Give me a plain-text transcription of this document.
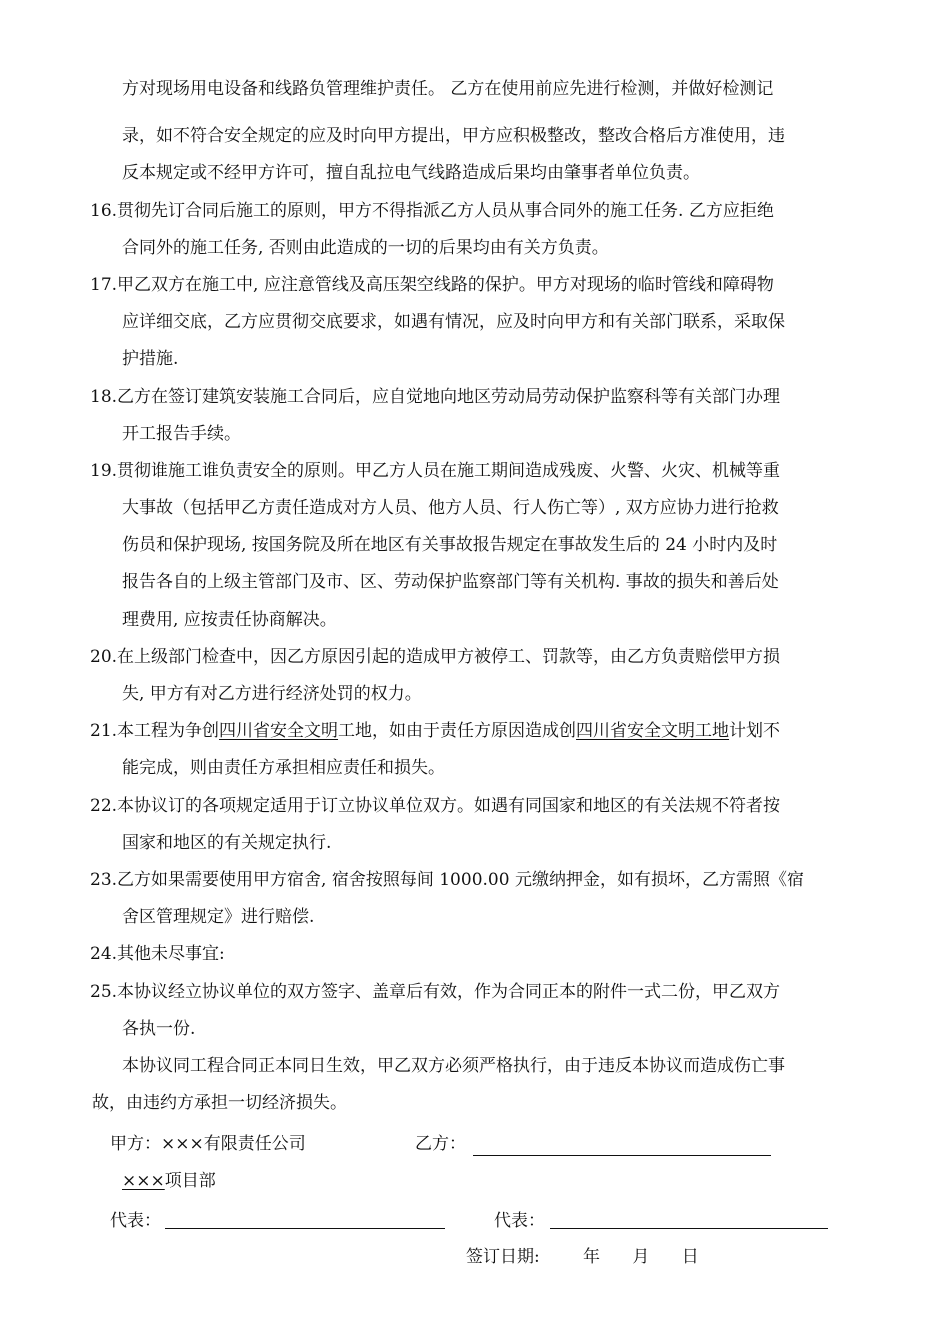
方对现场用电设备和线路负管理维护责任。 乙方在使用前应先进行检测，并做好检测记
录，如不符合安全规定的应及时向甲方提出，甲方应积极整改，整改合格后方准使用，违
反本规定或不经甲方许可，擅自乱拉电气线路造成后果均由肇事者单位负责。
16.贯彻先订合同后施工的原则，甲方不得指派乙方人员从事合同外的施工任务. 乙方应拒绝
合同外的施工任务, 否则由此造成的一切的后果均由有关方负责。
17.甲乙双方在施工中, 应注意管线及高压架空线路的保护。甲方对现场的临时管线和障碍物
应详细交底，乙方应贯彻交底要求，如遇有情况，应及时向甲方和有关部门联系，采取保
护措施.
18.乙方在签订建筑安装施工合同后，应自觉地向地区劳动局劳动保护监察科等有关部门办理
开工报告手续。
19.贯彻谁施工谁负责安全的原则。甲乙方人员在施工期间造成残废、火警、火灾、机械等重
大事故（包括甲乙方责任造成对方人员、他方人员、行人伤亡等）, 双方应协力进行抢救
伤员和保护现场, 按国务院及所在地区有关事故报告规定在事故发生后的 24 小时内及时
报告各自的上级主管部门及市、区、劳动保护监察部门等有关机构. 事故的损失和善后处
理费用, 应按责任协商解决。
20.在上级部门检查中，因乙方原因引起的造成甲方被停工、罚款等，由乙方负责赔偿甲方损
失, 甲方有对乙方进行经济处罚的权力。
21.本工程为争创四川省安全文明工地，如由于责任方原因造成创四川省安全文明工地计划不
能完成，则由责任方承担相应责任和损失。
22.本协议订的各项规定适用于订立协议单位双方。如遇有同国家和地区的有关法规不符者按
国家和地区的有关规定执行.
23.乙方如果需要使用甲方宿舍, 宿舍按照每间 1000.00 元缴纳押金，如有损坏，乙方需照《宿
舍区管理规定》进行赔偿.
24.其他未尽事宜:
25.本协议经立协议单位的双方签字、盖章后有效，作为合同正本的附件一式二份，甲乙双方
各执一份.
本协议同工程合同正本同日生效，甲乙双方必须严格执行，由于违反本协议而造成伤亡事
故，由违约方承担一切经济损失。
甲方：×××有限责任公司	乙方：
×××项目部
代表：	代表：
签订日期:        年      月      日
